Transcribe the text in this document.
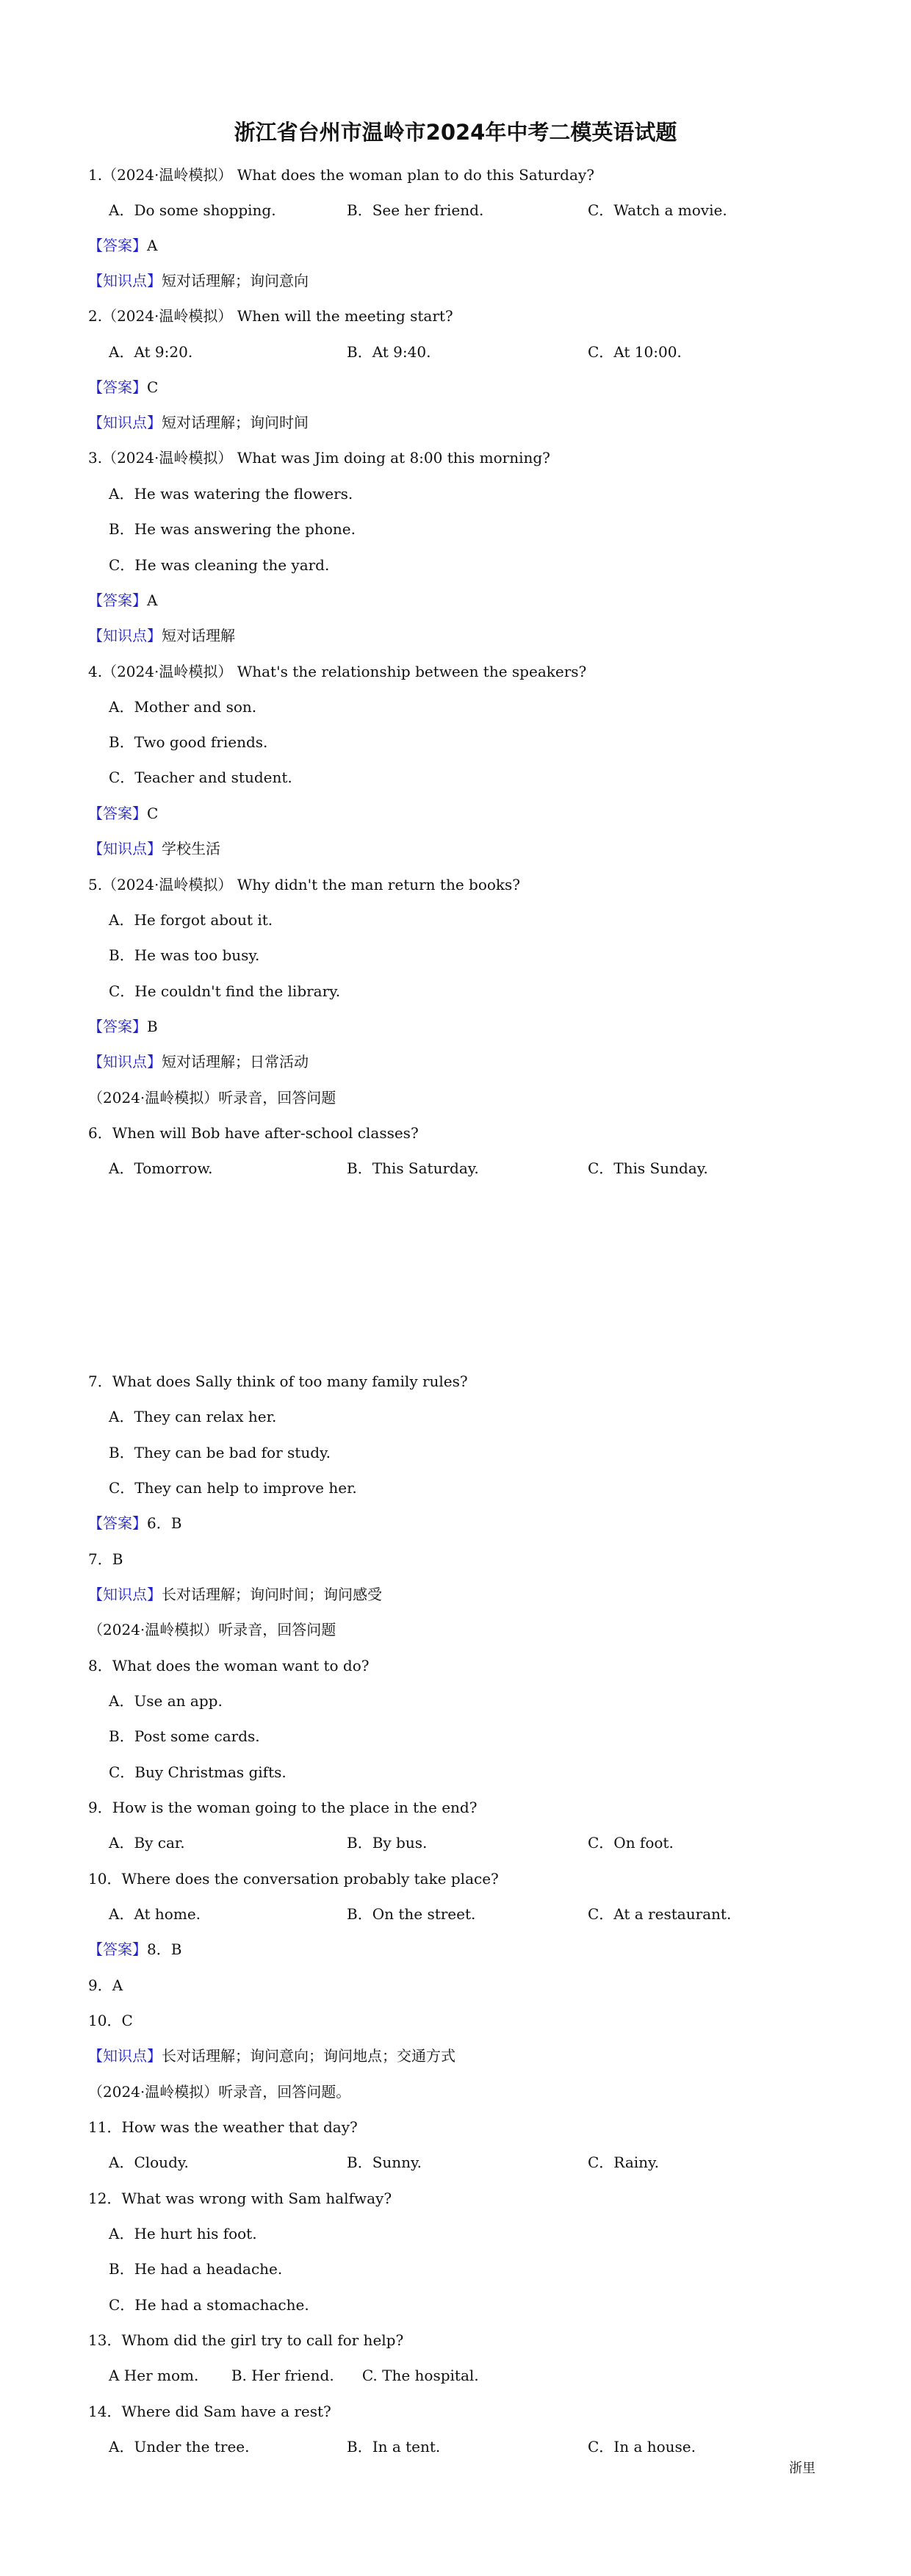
浙江省台州市温岭市2024年中考二模英语试题
1.（2024·温岭模拟） What does the woman plan to do this Saturday?
A．Do some shopping.	B．See her friend.	C．Watch a movie.
【答案】A
【知识点】短对话理解；询问意向
2.（2024·温岭模拟） When will the meeting start?
A．At 9:20.	B．At 9:40.	C．At 10:00.
【答案】C
【知识点】短对话理解；询问时间
3.（2024·温岭模拟） What was Jim doing at 8:00 this morning?
A．He was watering the flowers.
B．He was answering the phone.
C．He was cleaning the yard.
【答案】A
【知识点】短对话理解
4.（2024·温岭模拟） What's the relationship between the speakers?
A．Mother and son.
B．Two good friends.
C．Teacher and student.
【答案】C
【知识点】学校生活
5.（2024·温岭模拟） Why didn't the man return the books?
A．He forgot about it.
B．He was too busy.
C．He couldn't find the library.
【答案】B
【知识点】短对话理解；日常活动
（2024·温岭模拟）听录音，回答问题
6．When will Bob have after-school classes?
A．Tomorrow.	B．This Saturday.	C．This Sunday.
7．What does Sally think of too many family rules?
A．They can relax her.
B．They can be bad for study.
C．They can help to improve her.
【答案】6．B
7．B
【知识点】长对话理解；询问时间；询问感受
（2024·温岭模拟）听录音，回答问题
8．What does the woman want to do?
A．Use an app.
B．Post some cards.
C．Buy Christmas gifts.
9．How is the woman going to the place in the end?
A．By car.	B．By bus.	C．On foot.
10．Where does the conversation probably take place?
A．At home.	B．On the street.	C．At a restaurant.
【答案】8．B
9．A
10．C
【知识点】长对话理解；询问意向；询问地点；交通方式
（2024·温岭模拟）听录音，回答问题。
11．How was the weather that day?
A．Cloudy.	B．Sunny.	C．Rainy.
12．What was wrong with Sam halfway?
A．He hurt his foot.
B．He had a headache.
C．He had a stomachache.
13．Whom did the girl try to call for help?
A Her mom.       B. Her friend.      C. The hospital.
14．Where did Sam have a rest?
A．Under the tree.	B．In a tent.	C．In a house.
浙里
